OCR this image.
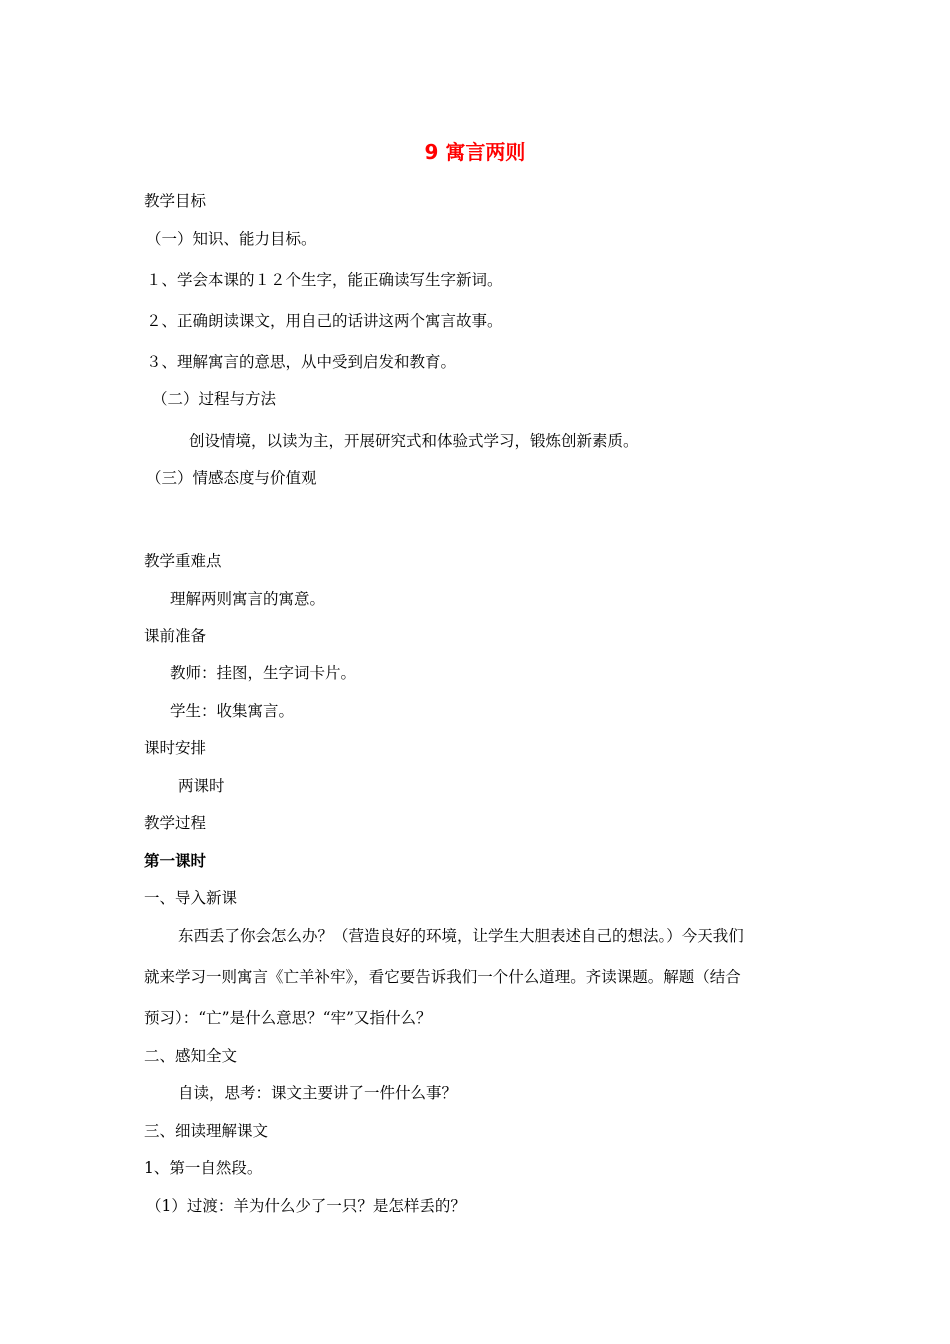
9 寓言两则
教学目标
（一）知识、能力目标。
１、学会本课的１２个生字，能正确读写生字新词。
２、正确朗读课文，用自己的话讲这两个寓言故事。
３、理解寓言的意思，从中受到启发和教育。
（二）过程与方法
创设情境，以读为主，开展研究式和体验式学习，锻炼创新素质。
（三）情感态度与价值观
教学重难点
理解两则寓言的寓意。
课前准备
教师：挂图，生字词卡片。
学生：收集寓言。
课时安排
两课时
教学过程
第一课时
一、导入新课
东西丢了你会怎么办？（营造良好的环境，让学生大胆表述自己的想法。）今天我们
就来学习一则寓言《亡羊补牢》，看它要告诉我们一个什么道理。齐读课题。解题（结合
预习）：“亡”是什么意思？“牢”又指什么？
二、感知全文
自读，思考：课文主要讲了一件什么事？
三、细读理解课文
1、第一自然段。
（1）过渡：羊为什么少了一只？是怎样丢的？
